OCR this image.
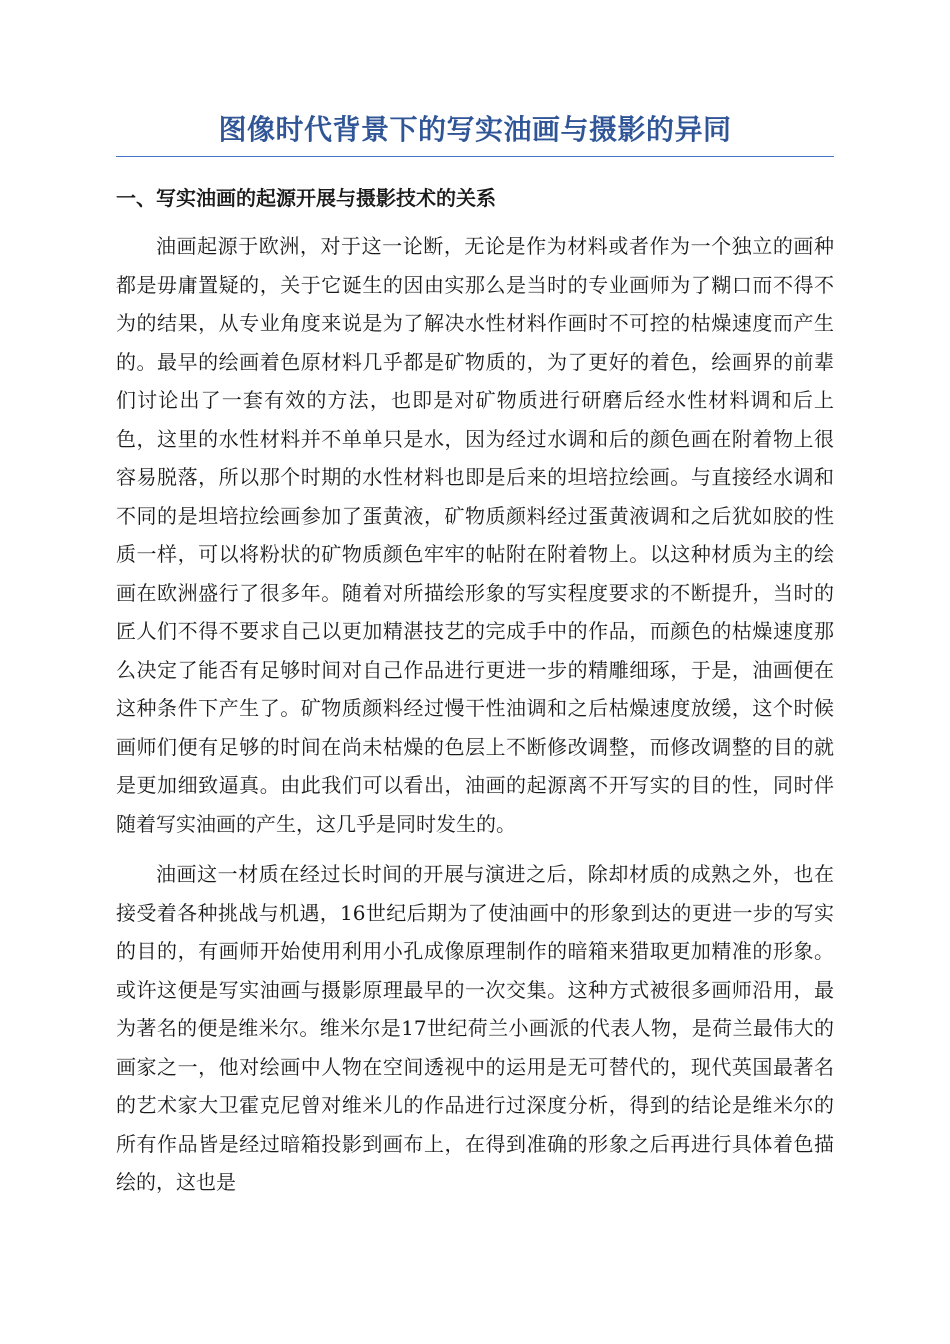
图像时代背景下的写实油画与摄影的异同
一、写实油画的起源开展与摄影技术的关系

油画起源于欧洲，对于这一论断，无论是作为材料或者作为一个独立的画种都是毋庸置疑的，关于它诞生的因由实那么是当时的专业画师为了糊口而不得不为的结果，从专业角度来说是为了解决水性材料作画时不可控的枯燥速度而产生的。最早的绘画着色原材料几乎都是矿物质的，为了更好的着色，绘画界的前辈们讨论出了一套有效的方法，也即是对矿物质进行研磨后经水性材料调和后上色，这里的水性材料并不单单只是水，因为经过水调和后的颜色画在附着物上很容易脱落，所以那个时期的水性材料也即是后来的坦培拉绘画。与直接经水调和不同的是坦培拉绘画参加了蛋黄液，矿物质颜料经过蛋黄液调和之后犹如胶的性质一样，可以将粉状的矿物质颜色牢牢的帖附在附着物上。以这种材质为主的绘画在欧洲盛行了很多年。随着对所描绘形象的写实程度要求的不断提升，当时的匠人们不得不要求自己以更加精湛技艺的完成手中的作品，而颜色的枯燥速度那么决定了能否有足够时间对自己作品进行更进一步的精雕细琢，于是，油画便在这种条件下产生了。矿物质颜料经过慢干性油调和之后枯燥速度放缓，这个时候画师们便有足够的时间在尚未枯燥的色层上不断修改调整，而修改调整的目的就是更加细致逼真。由此我们可以看出，油画的起源离不开写实的目的性，同时伴随着写实油画的产生，这几乎是同时发生的。

油画这一材质在经过长时间的开展与演进之后，除却材质的成熟之外，也在接受着各种挑战与机遇，16世纪后期为了使油画中的形象到达的更进一步的写实的目的，有画师开始使用利用小孔成像原理制作的暗箱来猎取更加精准的形象。或许这便是写实油画与摄影原理最早的一次交集。这种方式被很多画师沿用，最为著名的便是维米尔。维米尔是17世纪荷兰小画派的代表人物，是荷兰最伟大的画家之一，他对绘画中人物在空间透视中的运用是无可替代的，现代英国最著名的艺术家大卫霍克尼曾对维米儿的作品进行过深度分析，得到的结论是维米尔的所有作品皆是经过暗箱投影到画布上，在得到准确的形象之后再进行具体着色描绘的，这也是
